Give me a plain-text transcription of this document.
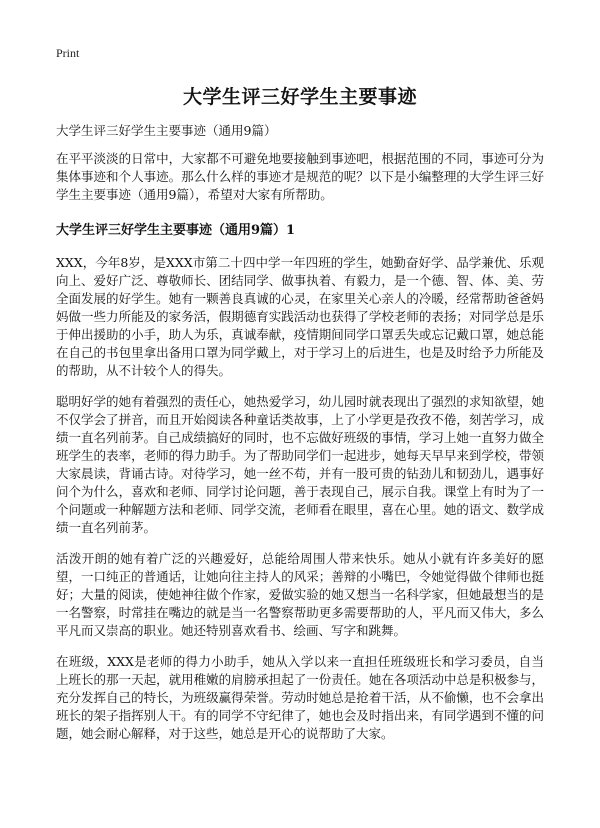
Print
大学生评三好学生主要事迹
大学生评三好学生主要事迹（通用9篇）

在平平淡淡的日常中，大家都不可避免地要接触到事迹吧，根据范围的不同，事迹可分为集体事迹和个人事迹。那么什么样的事迹才是规范的呢？以下是小编整理的大学生评三好学生主要事迹（通用9篇），希望对大家有所帮助。

大学生评三好学生主要事迹（通用9篇）1

XXX，今年8岁，是XXX市第二十四中学一年四班的学生，她勤奋好学、品学兼优、乐观向上、爱好广泛、尊敬师长、团结同学、做事执着、有毅力，是一个德、智、体、美、劳全面发展的好学生。她有一颗善良真诚的心灵，在家里关心亲人的冷暖，经常帮助爸爸妈妈做一些力所能及的家务活，假期德育实践活动也获得了学校老师的表扬；对同学总是乐于伸出援助的小手，助人为乐，真诚奉献，疫情期间同学口罩丢失或忘记戴口罩，她总能在自己的书包里拿出备用口罩为同学戴上，对于学习上的后进生，也是及时给予力所能及的帮助，从不计较个人的得失。

聪明好学的她有着强烈的责任心，她热爱学习，幼儿园时就表现出了强烈的求知欲望，她不仅学会了拼音，而且开始阅读各种童话类故事，上了小学更是孜孜不倦，刻苦学习，成绩一直名列前茅。自己成绩搞好的同时，也不忘做好班级的事情，学习上她一直努力做全班学生的表率，老师的得力助手。为了帮助同学们一起进步，她每天早早来到学校，带领大家晨读，背诵古诗。对待学习，她一丝不苟，并有一股可贵的钻劲儿和韧劲儿，遇事好问个为什么，喜欢和老师、同学讨论问题，善于表现自己，展示自我。课堂上有时为了一个问题或一种解题方法和老师、同学交流，老师看在眼里，喜在心里。她的语文、数学成绩一直名列前茅。

活泼开朗的她有着广泛的兴趣爱好，总能给周围人带来快乐。她从小就有许多美好的愿望，一口纯正的普通话，让她向往主持人的风采；善辩的小嘴巴，令她觉得做个律师也挺好；大量的阅读，使她神往做个作家，爱做实验的她又想当一名科学家，但她最想当的是一名警察，时常挂在嘴边的就是当一名警察帮助更多需要帮助的人，平凡而又伟大，多么平凡而又崇高的职业。她还特别喜欢看书、绘画、写字和跳舞。

在班级，XXX是老师的得力小助手，她从入学以来一直担任班级班长和学习委员，自当上班长的那一天起，就用稚嫩的肩膀承担起了一份责任。她在各项活动中总是积极参与，充分发挥自己的特长，为班级赢得荣誉。劳动时她总是抢着干活，从不偷懒，也不会拿出班长的架子指挥别人干。有的同学不守纪律了，她也会及时指出来，有同学遇到不懂的问题，她会耐心解释，对于这些，她总是开心的说帮助了大家。
